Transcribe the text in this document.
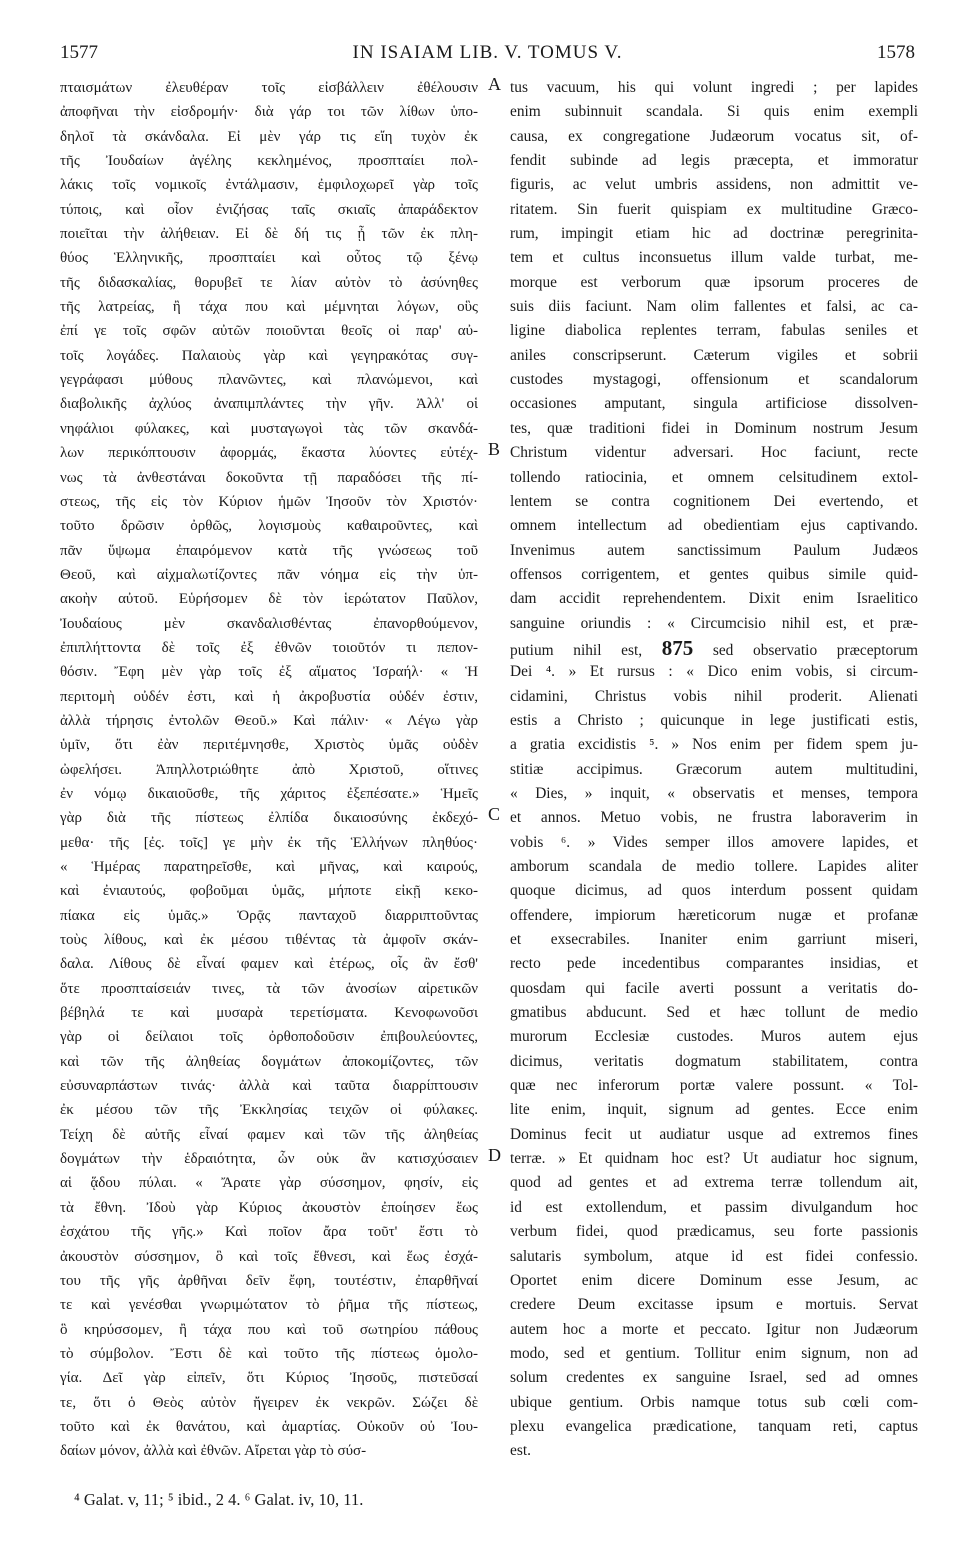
1577	IN ISAIAM LIB. V. TOMUS V.	1578
πταισμάτων ἐλευθέραν τοῖς εἰσβάλλειν ἐθέλουσιν
ἀποφῆναι τὴν εἰσδρομήν· διὰ γάρ τοι τῶν λίθων ὑπο-
δηλοῖ τὰ σκάνδαλα. Εἰ μὲν γάρ τις εἴη τυχὸν ἐκ
τῆς Ἰουδαίων ἀγέλης κεκλημένος, προσπταίει πολ-
λάκις τοῖς νομικοῖς ἐντάλμασιν, ἐμφιλοχωρεῖ γὰρ τοῖς
τύποις, καὶ οἷον ἐνιζήσας ταῖς σκιαῖς ἀπαράδεκτον
ποιεῖται τὴν ἀλήθειαν. Εἰ δὲ δή τις ᾖ τῶν ἐκ πλη-
θύος Ἑλληνικῆς, προσπταίει καὶ οὗτος τῷ ξένῳ
τῆς διδασκαλίας, θορυβεῖ τε λίαν αὐτὸν τὸ ἀσύνηθες
τῆς λατρείας, ἢ τάχα που καὶ μέμνηται λόγων, οὓς
ἐπί γε τοῖς σφῶν αὐτῶν ποιοῦνται θεοῖς οἱ παρ' αὐ-
τοῖς λογάδες. Παλαιοὺς γὰρ καὶ γεγηρακότας συγ-
γεγράφασι μύθους πλανῶντες, καὶ πλανώμενοι, καὶ
διαβολικῆς ἀχλύος ἀναπιμπλάντες τὴν γῆν. Ἀλλ' οἱ
νηφάλιοι φύλακες, καὶ μυσταγωγοὶ τὰς τῶν σκανδά-
λων περικόπτουσιν ἀφορμάς, ἕκαστα λύοντες εὐτέχ-
νως τὰ ἀνθεστάναι δοκοῦντα τῇ παραδόσει τῆς πί-
στεως, τῆς εἰς τὸν Κύριον ἡμῶν Ἰησοῦν τὸν Χριστόν·
τοῦτο δρῶσιν ὀρθῶς, λογισμοὺς καθαιροῦντες, καὶ
πᾶν ὕψωμα ἐπαιρόμενον κατὰ τῆς γνώσεως τοῦ
Θεοῦ, καὶ αἰχμαλωτίζοντες πᾶν νόημα εἰς τὴν ὑπ-
ακοὴν αὐτοῦ. Εὑρήσομεν δὲ τὸν ἱερώτατον Παῦλον,
Ἰουδαίους μὲν σκανδαλισθέντας ἐπανορθούμενον,
ἐπιπλήττοντα δὲ τοῖς ἐξ ἐθνῶν τοιοῦτόν τι πεπον-
θόσιν. Ἔφη μὲν γὰρ τοῖς ἐξ αἵματος Ἰσραήλ· « Ἡ
περιτομὴ οὐδέν ἐστι, καὶ ἡ ἀκροβυστία οὐδέν ἐστιν,
ἀλλὰ τήρησις ἐντολῶν Θεοῦ.» Καὶ πάλιν· « Λέγω γὰρ
ὑμῖν, ὅτι ἐὰν περιτέμνησθε, Χριστὸς ὑμᾶς οὐδὲν
ὠφελήσει. Ἀπηλλοτριώθητε ἀπὸ Χριστοῦ, οἵτινες
ἐν νόμῳ δικαιοῦσθε, τῆς χάριτος ἐξεπέσατε.» Ἡμεῖς
γὰρ διὰ τῆς πίστεως ἐλπίδα δικαιοσύνης ἐκδεχό-
μεθα· τῆς [ἐς. τοῖς] γε μὴν ἐκ τῆς Ἑλλήνων πληθύος·
« Ἡμέρας παρατηρεῖσθε, καὶ μῆνας, καὶ καιρούς,
καὶ ἐνιαυτούς, φοβοῦμαι ὑμᾶς, μήποτε εἰκῇ κεκο-
πίακα εἰς ὑμᾶς.» Ὁρᾷς πανταχοῦ διαρριπτοῦντας
τοὺς λίθους, καὶ ἐκ μέσου τιθέντας τὰ ἀμφοῖν σκάν-
δαλα. Λίθους δὲ εἶναί φαμεν καὶ ἑτέρως, οἷς ἂν ἔσθ'
ὅτε προσπταίσειάν τινες, τὰ τῶν ἀνοσίων αἱρετικῶν
βέβηλά τε καὶ μυσαρὰ τερετίσματα. Κενοφωνοῦσι
γὰρ οἱ δείλαιοι τοῖς ὀρθοποδοῦσιν ἐπιβουλεύοντες,
καὶ τῶν τῆς ἀληθείας δογμάτων ἀποκομίζοντες, τῶν
εὐσυναρπάστων τινάς· ἀλλὰ καὶ ταῦτα διαρρίπτουσιν
ἐκ μέσου τῶν τῆς Ἐκκλησίας τειχῶν οἱ φύλακες.
Τείχη δὲ αὐτῆς εἶναί φαμεν καὶ τῶν τῆς ἀληθείας
δογμάτων τὴν ἑδραιότητα, ὧν οὐκ ἂν κατισχύσαιεν
αἱ ᾅδου πύλαι. « Ἄρατε γὰρ σύσσημον, φησίν, εἰς
τὰ ἔθνη. Ἰδοὺ γὰρ Κύριος ἀκουστὸν ἐποίησεν ἕως
ἐσχάτου τῆς γῆς.» Καὶ ποῖον ἄρα τοῦτ' ἔστι τὸ
ἀκουστὸν σύσσημον, ὃ καὶ τοῖς ἔθνεσι, καὶ ἕως ἐσχά-
του τῆς γῆς ἀρθῆναι δεῖν ἔφη, τουτέστιν, ἐπαρθῆναί
τε καὶ γενέσθαι γνωριμώτατον τὸ ῥῆμα τῆς πίστεως,
ὃ κηρύσσομεν, ἢ τάχα που καὶ τοῦ σωτηρίου πάθους
τὸ σύμβολον. Ἔστι δὲ καὶ τοῦτο τῆς πίστεως ὁμολο-
γία. Δεῖ γὰρ εἰπεῖν, ὅτι Κύριος Ἰησοῦς, πιστεῦσαί
τε, ὅτι ὁ Θεὸς αὐτὸν ἤγειρεν ἐκ νεκρῶν. Σώζει δὲ
τοῦτο καὶ ἐκ θανάτου, καὶ ἁμαρτίας. Οὐκοῦν οὐ Ἰου-
δαίων μόνον, ἀλλὰ καὶ ἐθνῶν. Αἴρεται γὰρ τὸ σύσ-
tus vacuum, his qui volunt ingredi ; per lapides
enim subinnuit scandala. Si quis enim exempli
causa, ex congregatione Judæorum vocatus sit, of-
fendit subinde ad legis præcepta, et immoratur
figuris, ac velut umbris assidens, non admittit ve-
ritatem. Sin fuerit quispiam ex multitudine Græco-
rum, impingit etiam hic ad doctrinæ peregrinita-
tem et cultus inconsuetus illum valde turbat, me-
morque est verborum quæ ipsorum proceres de
suis diis faciunt. Nam olim fallentes et falsi, ac ca-
ligine diabolica replentes terram, fabulas seniles et
aniles conscripserunt. Cæterum vigiles et sobrii
custodes mystagogi, offensionum et scandalorum
occasiones amputant, singula artificiose dissolven-
tes, quæ traditioni fidei in Dominum nostrum Jesum
Christum videntur adversari. Hoc faciunt, recte
tollendo ratiocinia, et omnem celsitudinem extol-
lentem se contra cognitionem Dei evertendo, et
omnem intellectum ad obedientiam ejus captivando.
Invenimus autem sanctissimum Paulum Judæos
offensos corrigentem, et gentes quibus simile quid-
dam accidit reprehendentem. Dixit enim Israelitico
sanguine oriundis : « Circumcisio nihil est, et præ-
putium nihil est, 875 sed observatio præceptorum
Dei ⁴. » Et rursus : « Dico enim vobis, si circum-
cidamini, Christus vobis nihil proderit. Alienati
estis a Christo ; quicunque in lege justificati estis,
a gratia excidistis ⁵. » Nos enim per fidem spem ju-
stitiæ accipimus. Græcorum autem multitudini,
« Dies, » inquit, « observatis et menses, tempora
et annos. Metuo vobis, ne frustra laboraverim in
vobis ⁶. » Vides semper illos amovere lapides, et
amborum scandala de medio tollere. Lapides aliter
quoque dicimus, ad quos interdum possent quidam
offendere, impiorum hæreticorum nugæ et profanæ
et exsecrabiles. Inaniter enim garriunt miseri,
recto pede incedentibus comparantes insidias, et
quosdam qui facile averti possunt a veritatis do-
gmatibus abducunt. Sed et hæc tollunt de medio
murorum Ecclesiæ custodes. Muros autem ejus
dicimus, veritatis dogmatum stabilitatem, contra
quæ nec inferorum portæ valere possunt. « Tol-
lite enim, inquit, signum ad gentes. Ecce enim
Dominus fecit ut audiatur usque ad extremos fines
terræ. » Et quidnam hoc est? Ut audiatur hoc signum,
quod ad gentes et ad extrema terræ tollendum ait,
id est extollendum, et passim divulgandum hoc
verbum fidei, quod prædicamus, seu forte passionis
salutaris symbolum, atque id est fidei confessio.
Oportet enim dicere Dominum esse Jesum, ac
credere Deum excitasse ipsum e mortuis. Servat
autem hoc a morte et peccato. Igitur non Judæorum
modo, sed et gentium. Tollitur enim signum, non ad
solum credentes ex sanguine Israel, sed ad omnes
ubique gentium. Orbis namque totus sub cœli com-
plexu evangelica prædicatione, tanquam reti, captus
est.
A
B
C
D
⁴ Galat. v, 11; ⁵ ibid., 2 4. ⁶ Galat. iv, 10, 11.
